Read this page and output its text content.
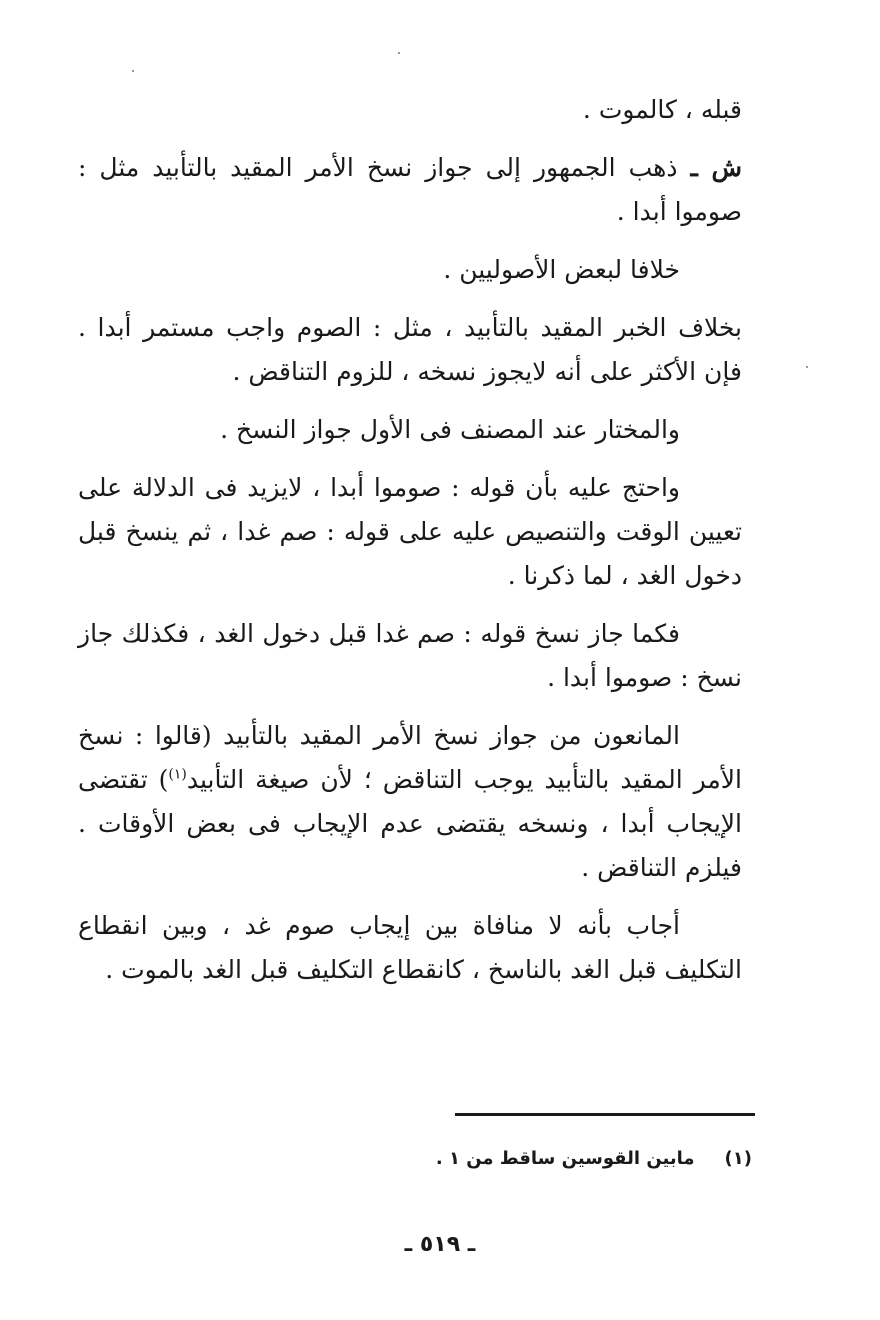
قبله ، كالموت .

ش ـ ذهب الجمهور إلى جواز نسخ الأمر المقيد بالتأبيد مثل : صوموا أبدا .

خلافا لبعض الأصوليين .

بخلاف الخبر المقيد بالتأبيد ، مثل : الصوم واجب مستمر أبدا . فإن الأكثر على أنه لايجوز نسخه ، للزوم التناقض .

والمختار عند المصنف فى الأول جواز النسخ .

واحتج عليه بأن قوله : صوموا أبدا ، لايزيد فى الدلالة على تعيين الوقت والتنصيص عليه على قوله : صم غدا ، ثم ينسخ قبل دخول الغد ، لما ذكرنا .

فكما جاز نسخ قوله : صم غدا قبل دخول الغد ، فكذلك جاز نسخ : صوموا أبدا .

المانعون من جواز نسخ الأمر المقيد بالتأبيد (قالوا : نسخ الأمر المقيد بالتأبيد يوجب التناقض ؛ لأن صيغة التأبيد$^{(١)}$) تقتضى الإيجاب أبدا ، ونسخه يقتضى عدم الإيجاب فى بعض الأوقات . فيلزم التناقض .

أجاب بأنه لا منافاة بين إيجاب صوم غد ، وبين انقطاع التكليف قبل الغد بالناسخ ، كانقطاع التكليف قبل الغد بالموت .

(١)مابين القوسين ساقط من ١ .
ـ ٥١٩ ـ
